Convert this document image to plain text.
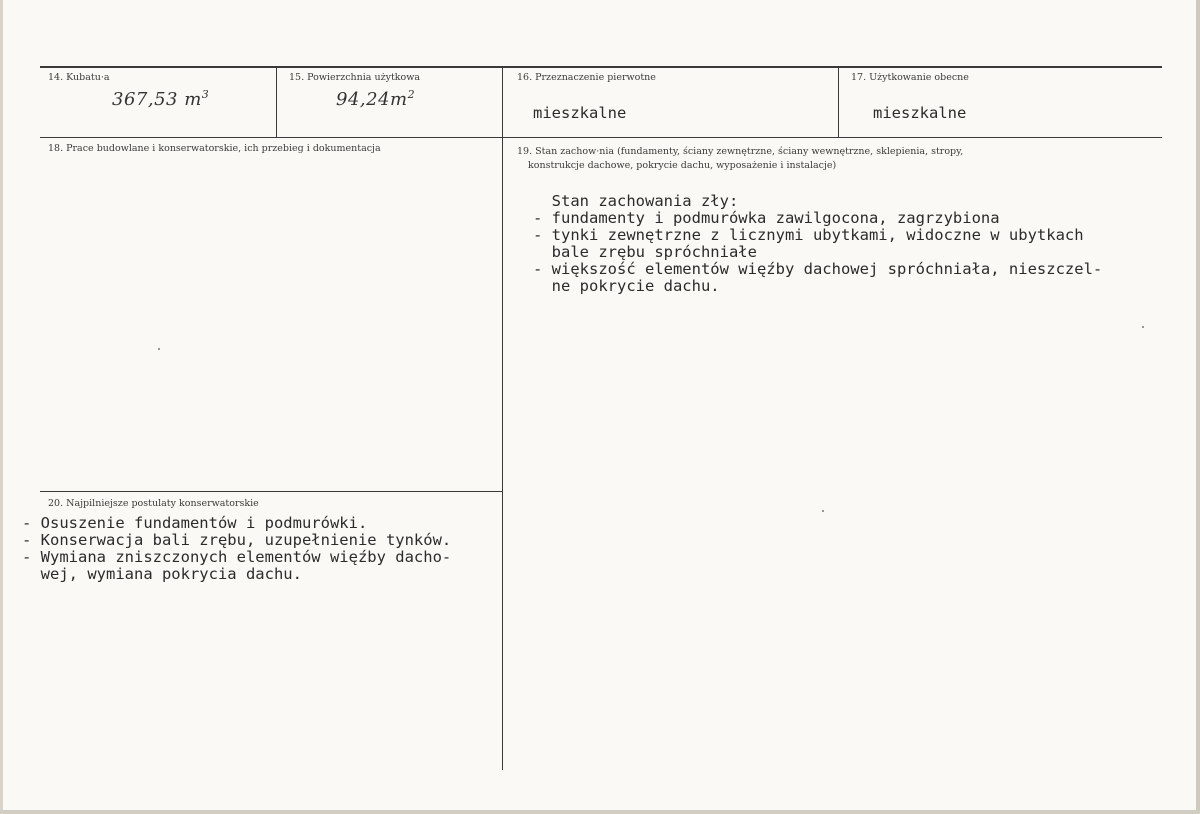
14. Kubatu·a
367,53 $m^3$
15. Powierzchnia użytkowa
$94,24m^2$
16. Przeznaczenie pierwotne
mieszkalne
17. Użytkowanie obecne
mieszkalne
18. Prace budowlane i konserwatorskie, ich przebieg i dokumentacja	19. Stan zachow·nia (fundamenty, ściany zewnętrzne, ściany wewnętrzne, sklepienia, stropy,
konstrukcje dachowe, pokrycie dachu, wyposażenie i instalacje)
Stan zachowania zły:
- fundamenty i podmurówka zawilgocona, zagrzybiona
- tynki zewnętrzne z licznymi ubytkami, widoczne w ubytkach
bale zrębu spróchniałe
- większość elementów więźby dachowej spróchniała, nieszczel-
ne pokrycie dachu.
20. Najpilniejsze postulaty konserwatorskie
- Osuszenie fundamentów i podmurówki.
- Konserwacja bali zrębu, uzupełnienie tynków.
- Wymiana zniszczonych elementów więźby dacho-
wej, wymiana pokrycia dachu.
